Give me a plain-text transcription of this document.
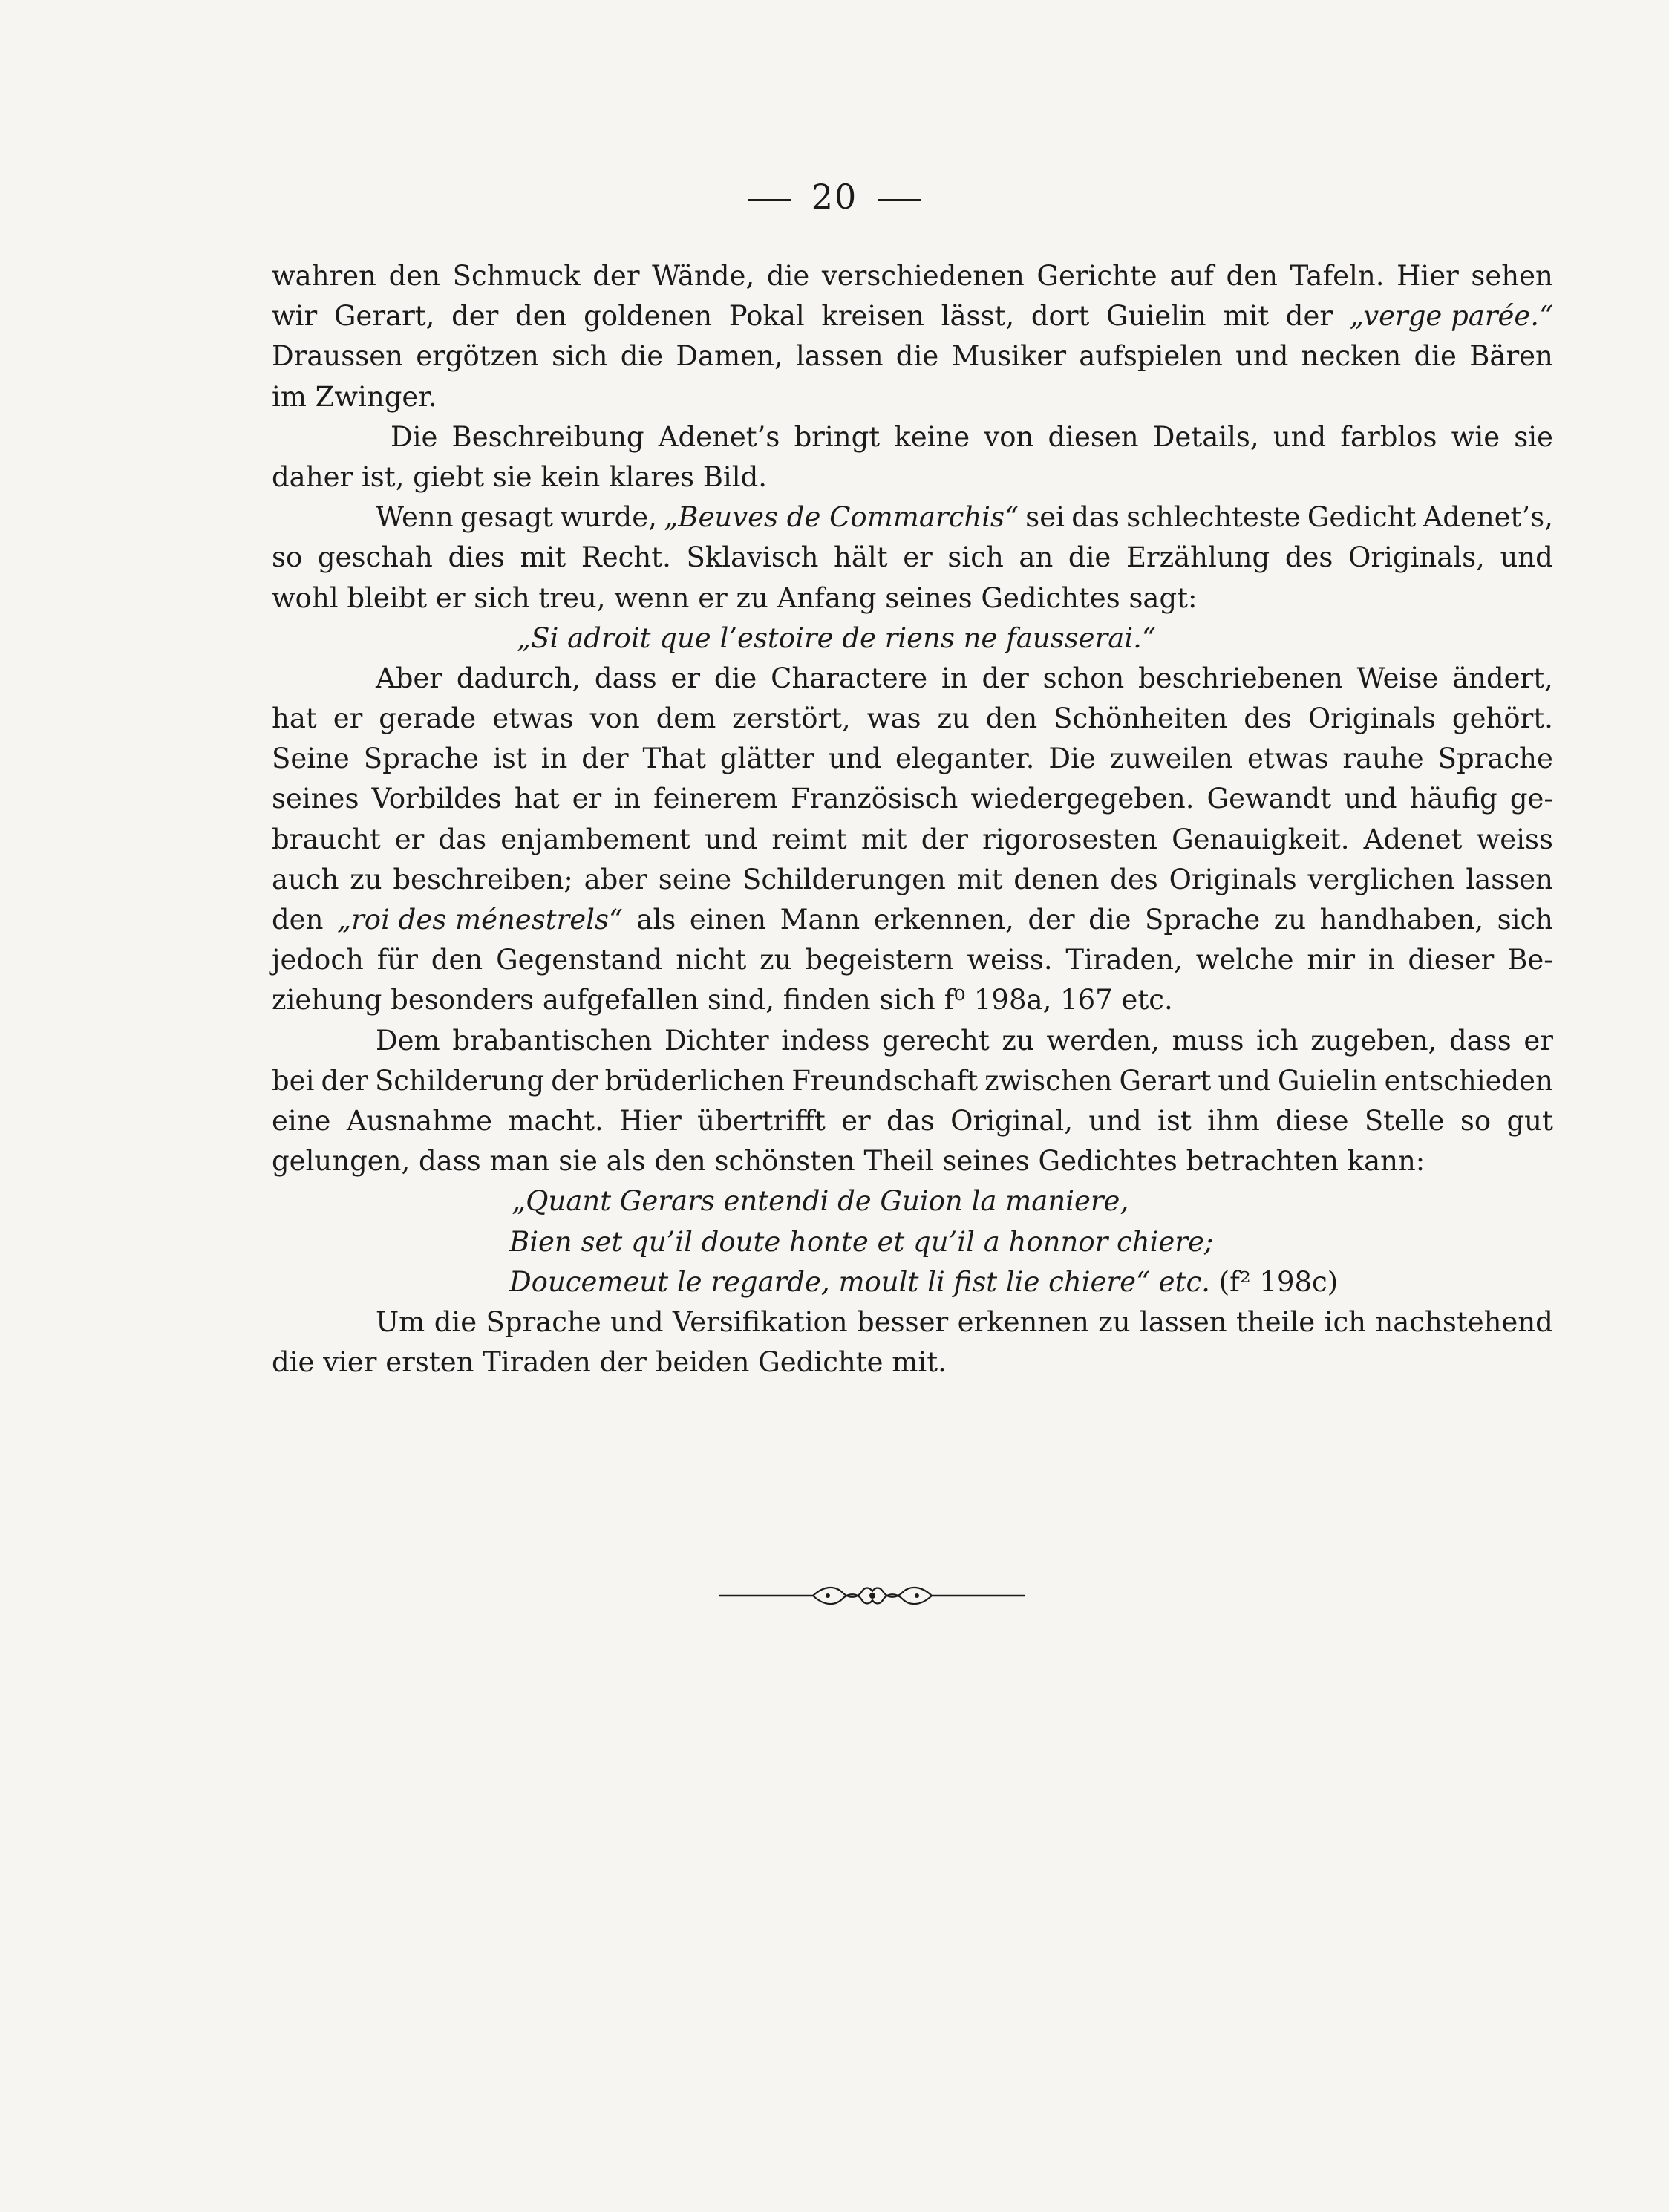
20
wahren den Schmuck der Wände, die verschiedenen Gerichte auf den Tafeln. Hier sehen
wir Gerart, der den goldenen Pokal kreisen lässt, dort Guielin mit der „verge parée.“
Draussen ergötzen sich die Damen, lassen die Musiker aufspielen und necken die Bären
im Zwinger.
Die Beschreibung Adenet’s bringt keine von diesen Details, und farblos wie sie
daher ist, giebt sie kein klares Bild.
Wenn gesagt wurde, „Beuves de Commarchis“ sei das schlechteste Gedicht Adenet’s,
so geschah dies mit Recht. Sklavisch hält er sich an die Erzählung des Originals, und
wohl bleibt er sich treu, wenn er zu Anfang seines Gedichtes sagt:
„Si adroit que l’estoire de riens ne fausserai.“
Aber dadurch, dass er die Charactere in der schon beschriebenen Weise ändert,
hat er gerade etwas von dem zerstört, was zu den Schönheiten des Originals gehört.
Seine Sprache ist in der That glätter und eleganter. Die zuweilen etwas rauhe Sprache
seines Vorbildes hat er in feinerem Französisch wiedergegeben. Gewandt und häufig ge-
braucht er das enjambement und reimt mit der rigorosesten Genauigkeit. Adenet weiss
auch zu beschreiben; aber seine Schilderungen mit denen des Originals verglichen lassen
den „roi des ménestrels“ als einen Mann erkennen, der die Sprache zu handhaben, sich
jedoch für den Gegenstand nicht zu begeistern weiss. Tiraden, welche mir in dieser Be-
ziehung besonders aufgefallen sind, finden sich f⁰ 198a, 167 etc.
Dem brabantischen Dichter indess gerecht zu werden, muss ich zugeben, dass er
bei der Schilderung der brüderlichen Freundschaft zwischen Gerart und Guielin entschieden
eine Ausnahme macht. Hier übertrifft er das Original, und ist ihm diese Stelle so gut
gelungen, dass man sie als den schönsten Theil seines Gedichtes betrachten kann:
„Quant Gerars entendi de Guion la maniere,
Bien set qu’il doute honte et qu’il a honnor chiere;
Doucemeut le regarde, moult li fist lie chiere“ etc. (f² 198c)
Um die Sprache und Versifikation besser erkennen zu lassen theile ich nachstehend
die vier ersten Tiraden der beiden Gedichte mit.
